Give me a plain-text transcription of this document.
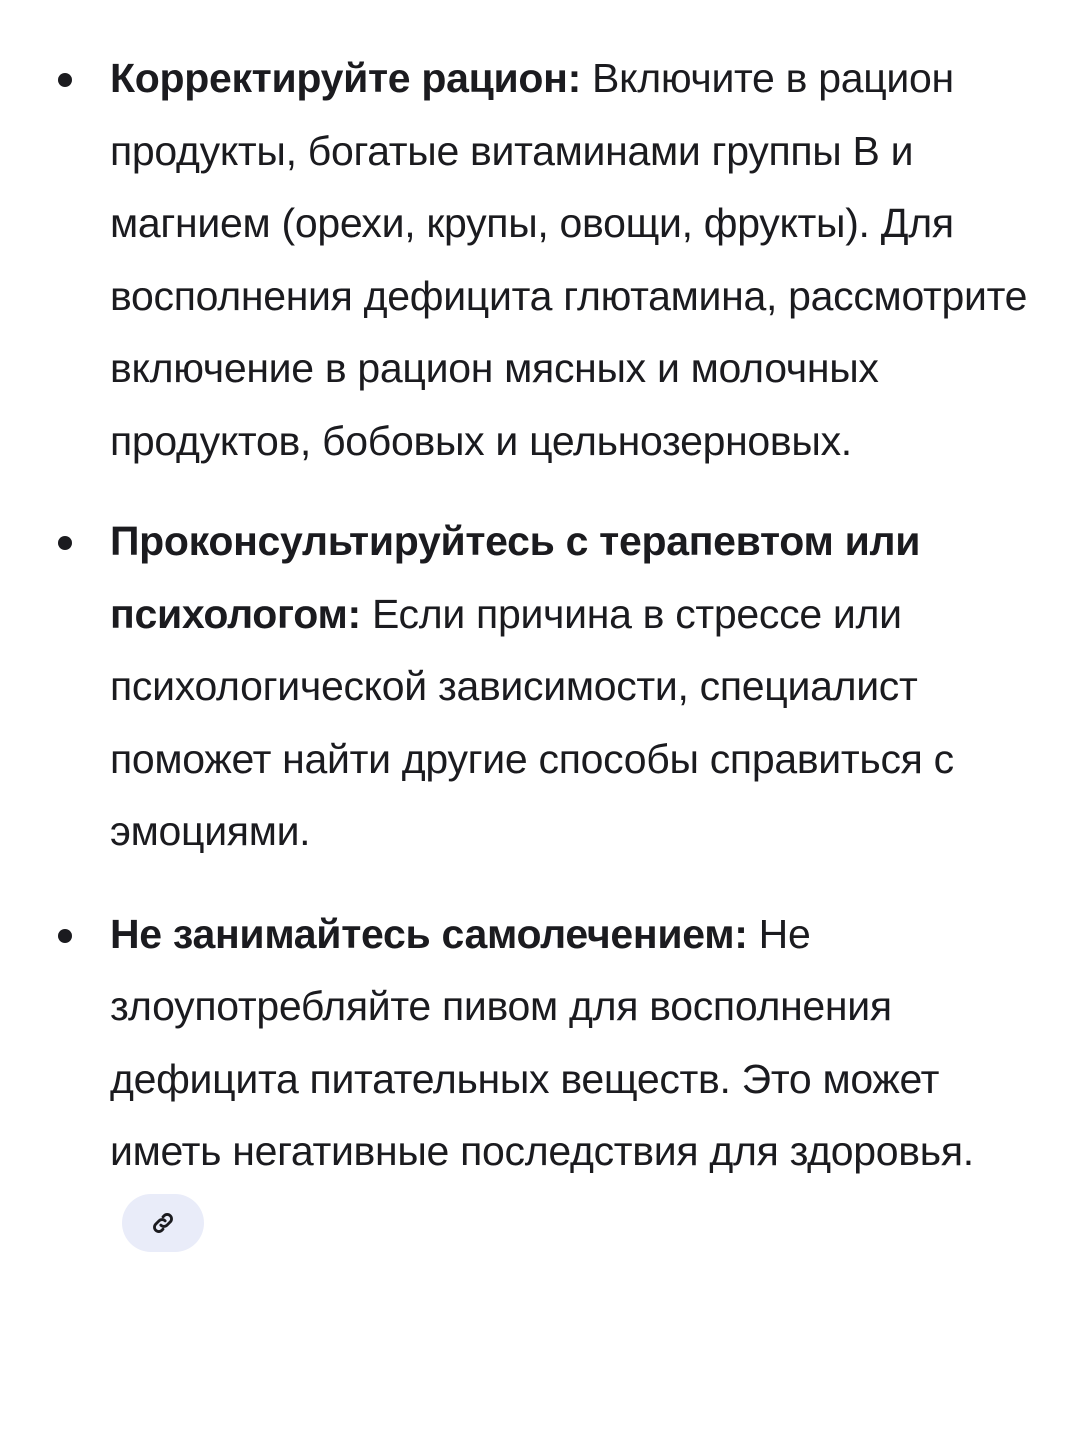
Корректируйте рацион: Включите в рацион продукты, богатые витаминами группы B и магнием (орехи, крупы, овощи, фрукты). Для восполнения дефицита глютамина, рассмотрите включение в рацион мясных и молочных продуктов, бобовых и цельнозерновых.
Проконсультируйтесь с терапевтом или психологом: Если причина в стрессе или психологической зависимости, специалист поможет найти другие способы справиться с эмоциями.
Не занимайтесь самолечением: Не злоупотребляйте пивом для восполнения дефицита питательных веществ. Это может иметь негативные последствия для здоровья.
